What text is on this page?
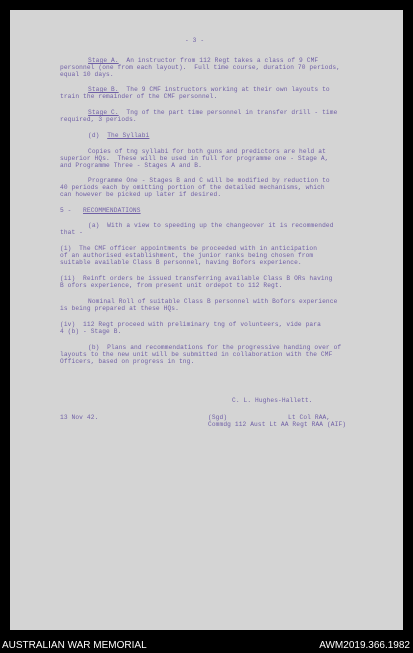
- 3 -
Stage A. An instructor from 112 Regt takes a class of 9 CMF
personnel (one from each layout).  Full time course, duration 70 periods,
equal 10 days.
Stage B. The 9 CMF instructors working at their own layouts to
train the remainder of the CMF personnel.
Stage C. Tng of the part time personnel in transfer drill - time
required, 3 periods.
(d) The Syllabi
Copies of tng syllabi for both guns and predictors are held at
superior HQs.  These will be used in full for programme one - Stage A,
and Programme Three - Stages A and B.
Programme One - Stages B and C will be modified by reduction to
40 periods each by omitting portion of the detailed mechanisms, which
can however be picked up later if desired.
5 - RECOMMENDATIONS
(a)  With a view to speeding up the changeover it is recommended
that -
(i)  The CMF officer appointments be proceeded with in anticipation
of an authorised establishment, the junior ranks being chosen from
suitable available Class B personnel, having Bofors experience.
(ii)  Reinft orders be issued transferring available Class B ORs having
B ofors experience, from present unit ordepot to 112 Regt.
Nominal Roll of suitable Class B personnel with Bofors experience
is being prepared at these HQs.
(iv)  112 Regt proceed with preliminary tng of volunteers, vide para
4 (b) - Stage B.
(b)  Plans and recommendations for the progressive handing over of
layouts to the new unit will be submitted in collaboration with the CMF
Officers, based on progress in tng.
C. L. Hughes-Hallett.
13 Nov 42.	(Sgd)	Lt Col RAA,
Commdg 112 Aust Lt AA Regt RAA (AIF)
AUSTRALIAN WAR MEMORIAL	AWM2019.366.1982
